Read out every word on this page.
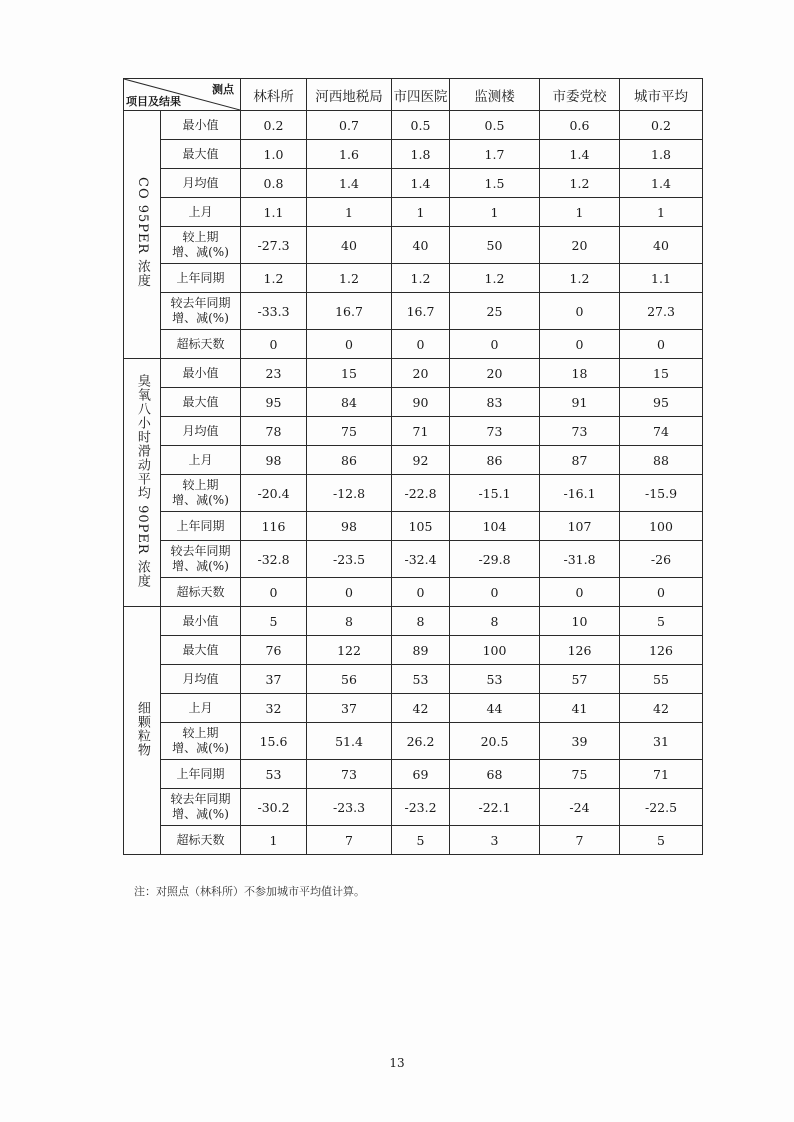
测点
项目及结果		林科所	河西地税局	市四医院	监测楼	市委党校	城市平均
CO 95PER 浓度	最小值	0.2	0.7	0.5	0.5	0.6	0.2
	最大值	1.0	1.6	1.8	1.7	1.4	1.8
	月均值	0.8	1.4	1.4	1.5	1.2	1.4
	上月	1.1	1	1	1	1	1
	较上期
增、减(%)	-27.3	40	40	50	20	40
	上年同期	1.2	1.2	1.2	1.2	1.2	1.1
	较去年同期
增、减(%)	-33.3	16.7	16.7	25	0	27.3
	超标天数	0	0	0	0	0	0
臭氧八小时滑动平均 90PER 浓度	最小值	23	15	20	20	18	15
	最大值	95	84	90	83	91	95
	月均值	78	75	71	73	73	74
	上月	98	86	92	86	87	88
	较上期
增、减(%)	-20.4	-12.8	-22.8	-15.1	-16.1	-15.9
	上年同期	116	98	105	104	107	100
	较去年同期
增、减(%)	-32.8	-23.5	-32.4	-29.8	-31.8	-26
	超标天数	0	0	0	0	0	0
细颗粒物	最小值	5	8	8	8	10	5
	最大值	76	122	89	100	126	126
	月均值	37	56	53	53	57	55
	上月	32	37	42	44	41	42
	较上期
增、减(%)	15.6	51.4	26.2	20.5	39	31
	上年同期	53	73	69	68	75	71
	较去年同期
增、减(%)	-30.2	-23.3	-23.2	-22.1	-24	-22.5
	超标天数	1	7	5	3	7	5
注：对照点（林科所）不参加城市平均值计算。
13
